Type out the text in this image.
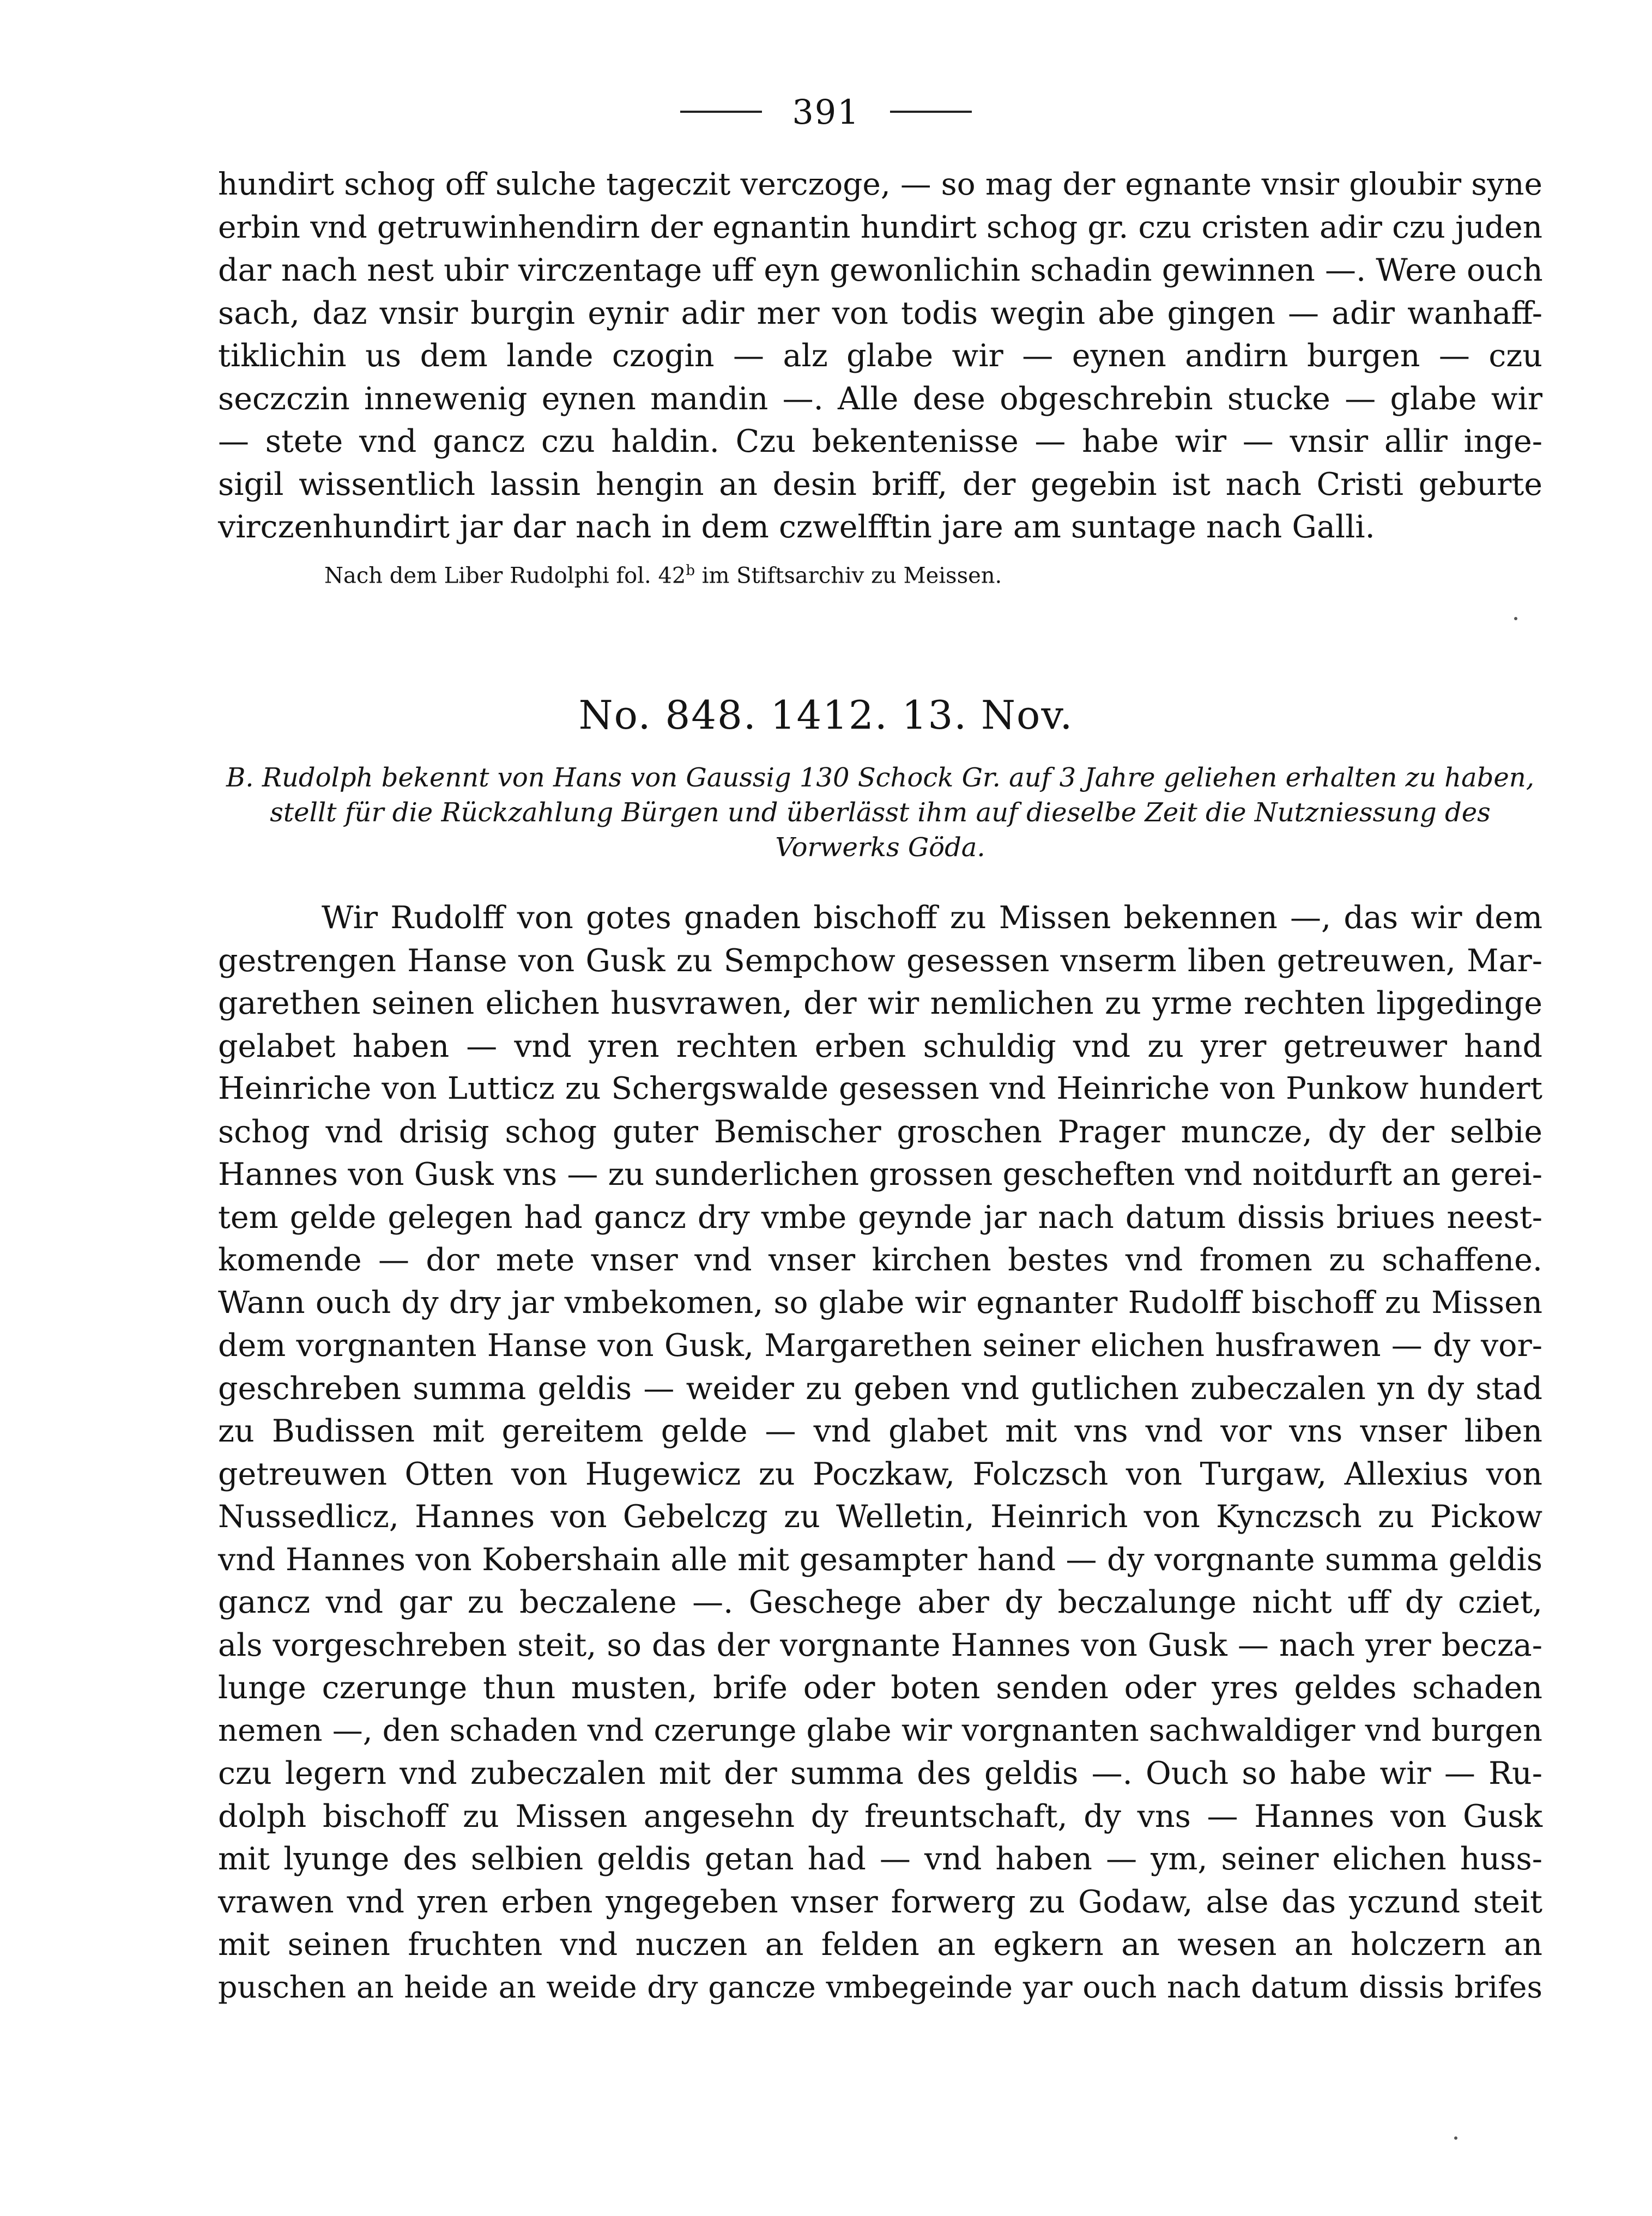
391
hundirt schog off sulche tageczit verczoge, — so mag der egnante vnsir gloubir syne
erbin vnd getruwinhendirn der egnantin hundirt schog gr. czu cristen adir czu juden
dar nach nest ubir virczentage uff eyn gewonlichin schadin gewinnen —. Were ouch
sach, daz vnsir burgin eynir adir mer von todis wegin abe gingen — adir wanhaff-
tiklichin us dem lande czogin — alz glabe wir — eynen andirn burgen — czu
seczczin innewenig eynen mandin —. Alle dese obgeschrebin stucke — glabe wir
— stete vnd gancz czu haldin. Czu bekentenisse — habe wir — vnsir allir inge-
sigil wissentlich lassin hengin an desin briff, der gegebin ist nach Cristi geburte
virczenhundirt jar dar nach in dem czwelfftin jare am suntage nach Galli.
Nach dem Liber Rudolphi fol. 42$^b$ im Stiftsarchiv zu Meissen.
No. 848. 1412. 13. Nov.
B. Rudolph bekennt von Hans von Gaussig 130 Schock Gr. auf 3 Jahre geliehen erhalten zu haben,
stellt für die Rückzahlung Bürgen und überlässt ihm auf dieselbe Zeit die Nutzniessung des
Vorwerks Göda.
Wir Rudolff von gotes gnaden bischoff zu Missen bekennen —, das wir dem
gestrengen Hanse von Gusk zu Sempchow gesessen vnserm liben getreuwen, Mar-
garethen seinen elichen husvrawen, der wir nemlichen zu yrme rechten lipgedinge
gelabet haben — vnd yren rechten erben schuldig vnd zu yrer getreuwer hand
Heinriche von Lutticz zu Schergswalde gesessen vnd Heinriche von Punkow hundert
schog vnd drisig schog guter Bemischer groschen Prager muncze, dy der selbie
Hannes von Gusk vns — zu sunderlichen grossen gescheften vnd noitdurft an gerei-
tem gelde gelegen had gancz dry vmbe geynde jar nach datum dissis briues neest-
komende — dor mete vnser vnd vnser kirchen bestes vnd fromen zu schaffene.
Wann ouch dy dry jar vmbekomen, so glabe wir egnanter Rudolff bischoff zu Missen
dem vorgnanten Hanse von Gusk, Margarethen seiner elichen husfrawen — dy vor-
geschreben summa geldis — weider zu geben vnd gutlichen zubeczalen yn dy stad
zu Budissen mit gereitem gelde — vnd glabet mit vns vnd vor vns vnser liben
getreuwen Otten von Hugewicz zu Poczkaw, Folczsch von Turgaw, Allexius von
Nussedlicz, Hannes von Gebelczg zu Welletin, Heinrich von Kynczsch zu Pickow
vnd Hannes von Kobershain alle mit gesampter hand — dy vorgnante summa geldis
gancz vnd gar zu beczalene —. Geschege aber dy beczalunge nicht uff dy cziet,
als vorgeschreben steit, so das der vorgnante Hannes von Gusk — nach yrer becza-
lunge czerunge thun musten, brife oder boten senden oder yres geldes schaden
nemen —, den schaden vnd czerunge glabe wir vorgnanten sachwaldiger vnd burgen
czu legern vnd zubeczalen mit der summa des geldis —. Ouch so habe wir — Ru-
dolph bischoff zu Missen angesehn dy freuntschaft, dy vns — Hannes von Gusk
mit lyunge des selbien geldis getan had — vnd haben — ym, seiner elichen huss-
vrawen vnd yren erben yngegeben vnser forwerg zu Godaw, alse das yczund steit
mit seinen fruchten vnd nuczen an felden an egkern an wesen an holczern an
puschen an heide an weide dry gancze vmbegeinde yar ouch nach datum dissis brifes
